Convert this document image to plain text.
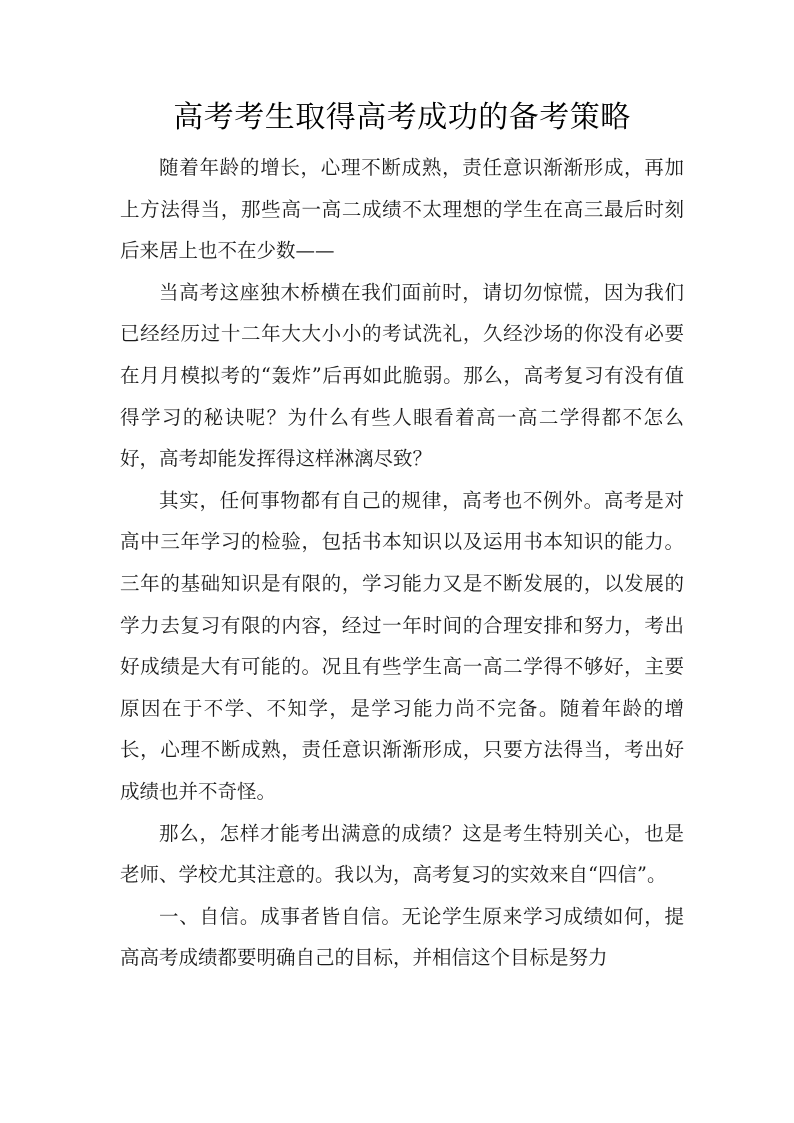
高考考生取得高考成功的备考策略

随着年龄的增长，心理不断成熟，责任意识渐渐形成，再加上方法得当，那些高一高二成绩不太理想的学生在高三最后时刻后来居上也不在少数——

当高考这座独木桥横在我们面前时，请切勿惊慌，因为我们已经经历过十二年大大小小的考试洗礼，久经沙场的你没有必要在月月模拟考的“轰炸”后再如此脆弱。那么，高考复习有没有值得学习的秘诀呢？为什么有些人眼看着高一高二学得都不怎么好，高考却能发挥得这样淋漓尽致？

其实，任何事物都有自己的规律，高考也不例外。高考是对高中三年学习的检验，包括书本知识以及运用书本知识的能力。三年的基础知识是有限的，学习能力又是不断发展的，以发展的学力去复习有限的内容，经过一年时间的合理安排和努力，考出好成绩是大有可能的。况且有些学生高一高二学得不够好，主要原因在于不学、不知学，是学习能力尚不完备。随着年龄的增长，心理不断成熟，责任意识渐渐形成，只要方法得当，考出好成绩也并不奇怪。

那么，怎样才能考出满意的成绩？这是考生特别关心，也是老师、学校尤其注意的。我以为，高考复习的实效来自“四信”。

一、自信。成事者皆自信。无论学生原来学习成绩如何，提高高考成绩都要明确自己的目标，并相信这个目标是努力
